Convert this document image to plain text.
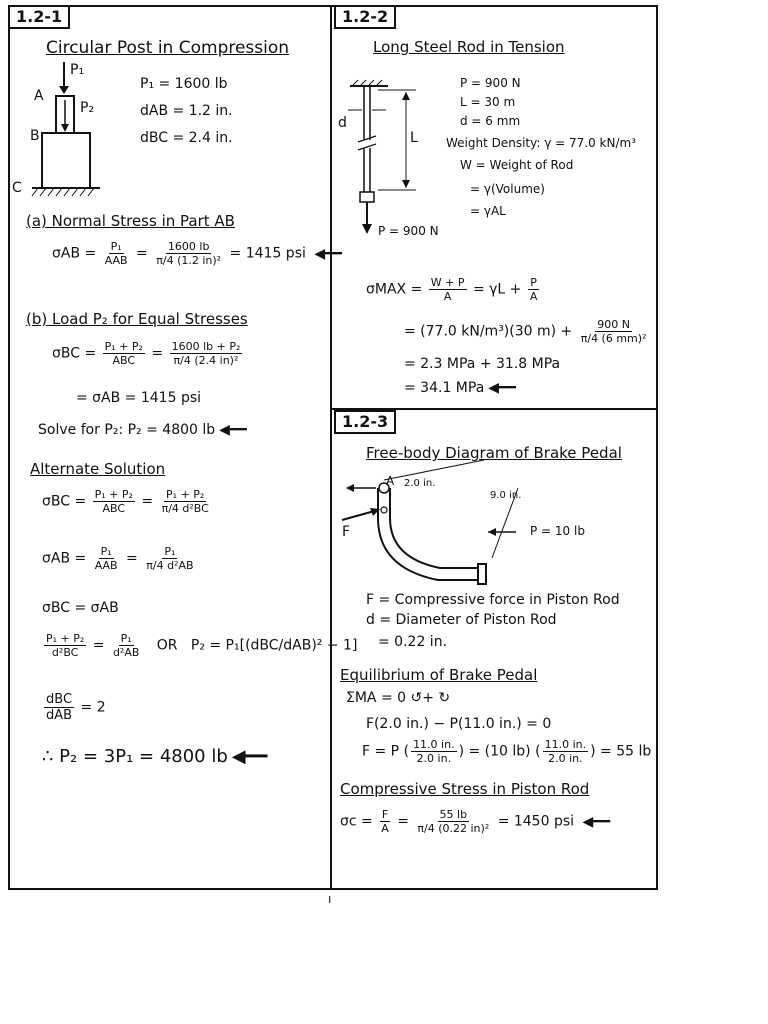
1.2-1
Circular Post in Compression
P₁
A
P₂
B
C
P₁ = 1600 lb
dAB = 1.2 in.
dBC = 2.4 in.
(a) Normal Stress in Part AB
$\sigma AB = \frac{\text{P₁}}{\text{AAB}} = \frac{1600 lb}{\text{π/4 (1.2 in)²}} = 1415$ psi ◀━━
(b) Load P₂ for Equal Stresses
$\sigma BC = \frac{\text{P₁ + P₂}}{\text{ABC}} = \frac{\text{1600 lb + P₂}}{\text{π/4 (2.4 in)²}}$
= σAB = 1415 psi
Solve for P₂: P₂ = 4800 lb ◀━━
Alternate Solution
$\sigma BC = \frac{\text{P₁ + P₂}}{\text{ABC}} = \frac{\text{P₁ + P₂}}{\text{π/4 d²BC}}$
$\sigma AB = \frac{\text{P₁}}{\text{AAB}} = \frac{\text{P₁}}{\text{π/4 d²AB}}$
σBC = σAB
$\frac{\text{P₁ + P₂}}{\text{d²BC}} = \frac{\text{P₁}}{\text{d²AB}}$ OR P₂ = P₁[(dBC/dAB)² − 1]
$\frac{\text{dBC}}{\text{dAB}} = 2$
∴ P₂ = 3P₁ = 4800 lb ◀━━
1.2-2
Long Steel Rod in Tension
d
L
P = 900 N
P = 900 N
L = 30 m
d = 6 mm
Weight Density: γ = 77.0 kN/m³
W = Weight of Rod
= γ(Volume)
= γAL
$\sigma MAX = \frac{W + P}{A} = \gamma L + \frac{P}{A}$
= (77.0 kN/m³)(30 $m) + \frac{900 N}{\text{π/4 (6 mm)²}}$
= 2.3 MPa + 31.8 MPa
= 34.1 MPa ◀━━
1.2-3
Free-body Diagram of Brake Pedal
A 2.0 in.
9.0 in.
F	P = 10 lb
F = Compressive force in Piston Rod
d = Diameter of Piston Rod
= 0.22 in.
Equilibrium of Brake Pedal
ΣMA = 0 ↺+ ↻
F(2.0 in.) − P(11.0 in.) = 0
F = P ( $\frac{11.0 in.}{2.0 in.}$ ) = (10 lb) ( $\frac{11.0 in.}{2.0 in.}$ ) = 55 lb
Compressive Stress in Piston Rod
$\sigma c = \frac{F}{A} = \frac{55 lb}{\text{π/4 (0.22 in)²}} = 1450$ psi ◀━━
ı
